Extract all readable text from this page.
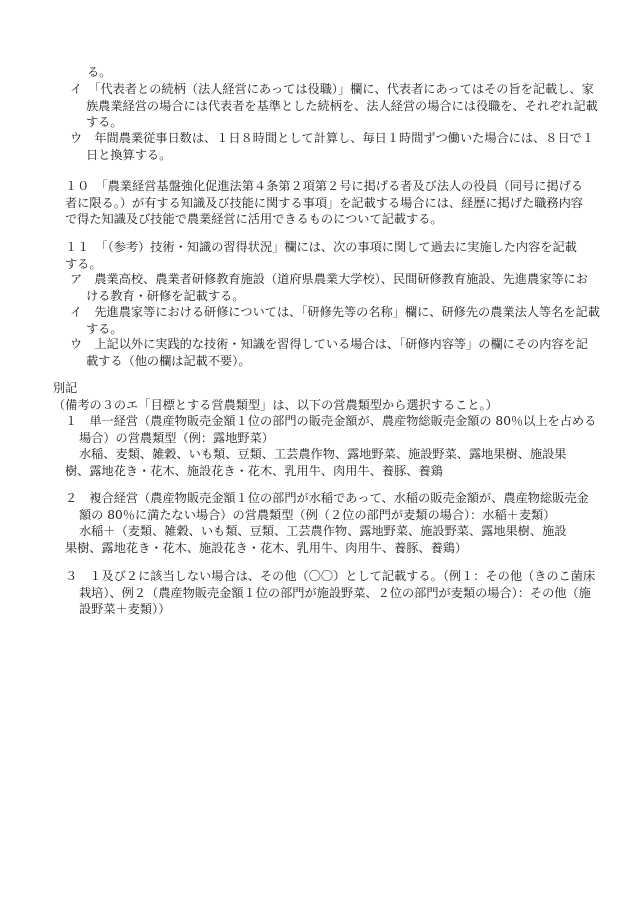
る。

イ　「代表者との続柄（法人経営にあっては役職）」欄に、代表者にあってはその旨を記載し、家族農業経営の場合には代表者を基準とした続柄を、法人経営の場合には役職を、それぞれ記載する。

ウ　年間農業従事日数は、１日８時間として計算し、毎日１時間ずつ働いた場合には、８日で１日と換算する。

１０　「農業経営基盤強化促進法第４条第２項第２号に掲げる者及び法人の役員（同号に掲げる者に限る。）が有する知識及び技能に関する事項」を記載する場合には、経歴に掲げた職務内容で得た知識及び技能で農業経営に活用できるものについて記載する。

１１　「（参考）技術・知識の習得状況」欄には、次の事項に関して過去に実施した内容を記載する。

ア　農業高校、農業者研修教育施設（道府県農業大学校）、民間研修教育施設、先進農家等における教育・研修を記載する。

イ　先進農家等における研修については、「研修先等の名称」欄に、研修先の農業法人等名を記載する。

ウ　上記以外に実践的な技術・知識を習得している場合は、「研修内容等」の欄にその内容を記載する（他の欄は記載不要）。

別記

（備考の３のエ「目標とする営農類型」は、以下の営農類型から選択すること。）

１　単一経営（農産物販売金額１位の部門の販売金額が、農産物総販売金額の 80％以上を占める場合）の営農類型（例：露地野菜）

水稲、麦類、雑穀、いも類、豆類、工芸農作物、露地野菜、施設野菜、露地果樹、施設果樹、露地花き・花木、施設花き・花木、乳用牛、肉用牛、養豚、養鶏

２　複合経営（農産物販売金額１位の部門が水稲であって、水稲の販売金額が、農産物総販売金額の 80％に満たない場合）の営農類型（例（２位の部門が麦類の場合）：水稲＋麦類）

水稲＋（麦類、雑穀、いも類、豆類、工芸農作物、露地野菜、施設野菜、露地果樹、施設果樹、露地花き・花木、施設花き・花木、乳用牛、肉用牛、養豚、養鶏）

３　１及び２に該当しない場合は、その他（〇〇）として記載する。（例１：その他（きのこ菌床栽培）、例２（農産物販売金額１位の部門が施設野菜、２位の部門が麦類の場合）：その他（施設野菜＋麦類））
